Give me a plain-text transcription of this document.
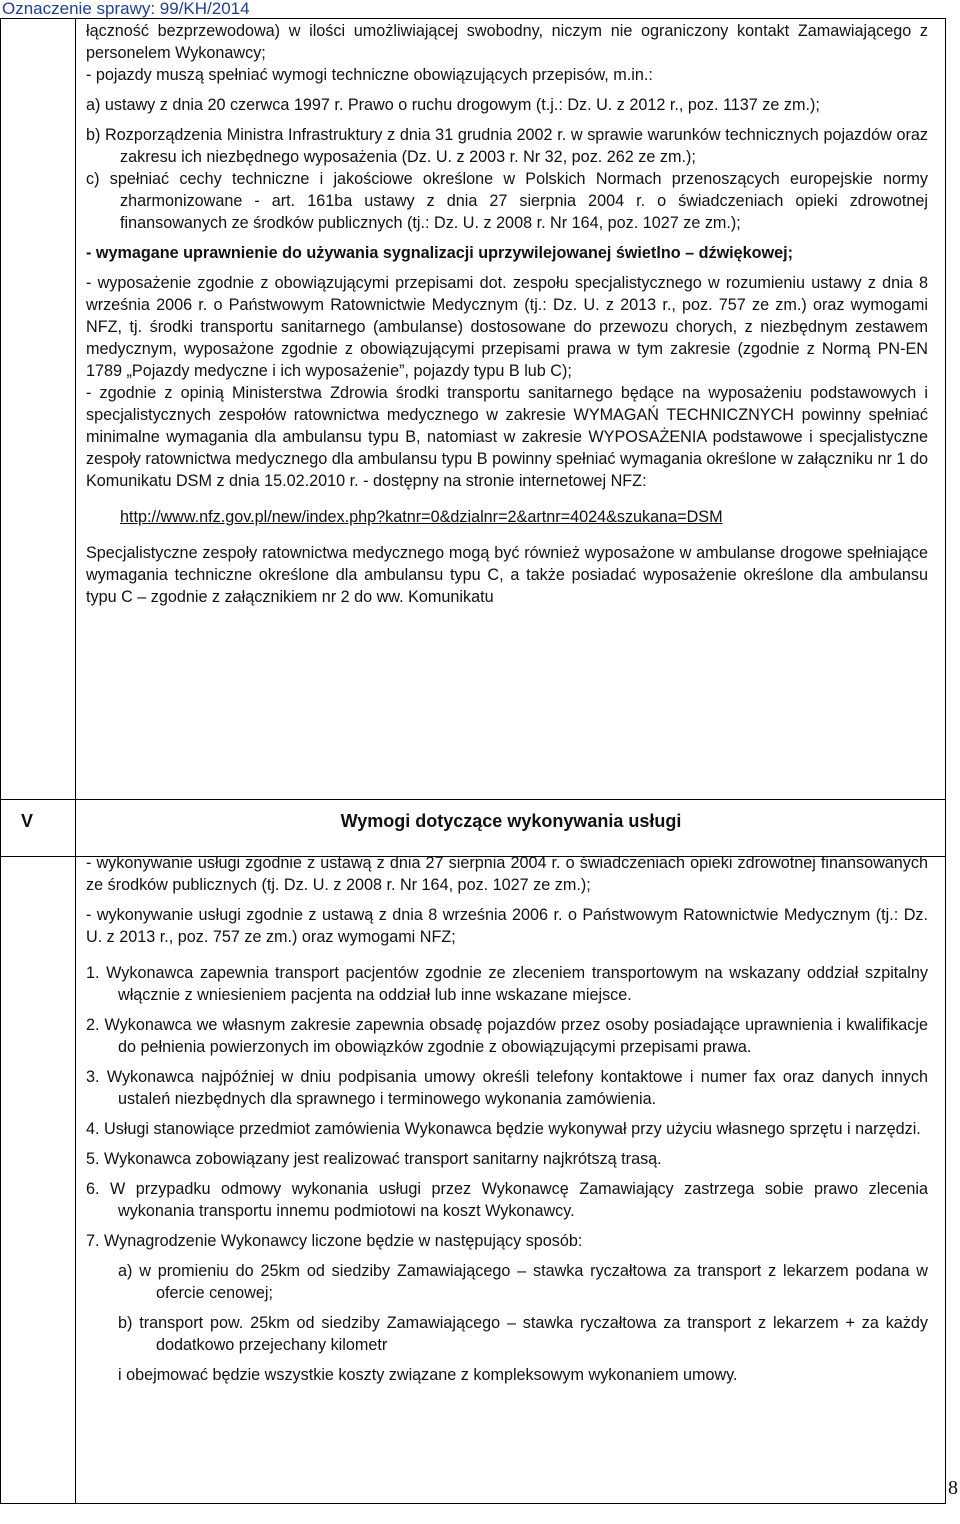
Oznaczenie sprawy: 99/KH/2014
V	Wymogi dotyczące wykonywania usługi

łączność bezprzewodowa) w ilości umożliwiającej swobodny, niczym nie ograniczony kontakt Zamawiającego z personelem Wykonawcy;

- pojazdy muszą spełniać wymogi techniczne obowiązujących przepisów, m.in.:

a) ustawy z dnia 20 czerwca 1997 r. Prawo o ruchu drogowym (t.j.: Dz. U. z 2012 r., poz. 1137 ze zm.);

b) Rozporządzenia Ministra Infrastruktury z dnia 31 grudnia 2002 r. w sprawie warunków technicznych pojazdów oraz zakresu ich niezbędnego wyposażenia (Dz. U. z 2003 r. Nr 32, poz. 262 ze zm.);

c) spełniać cechy techniczne i jakościowe określone w Polskich Normach przenoszących europejskie normy zharmonizowane - art. 161ba ustawy z dnia 27 sierpnia 2004 r. o świadczeniach opieki zdrowotnej finansowanych ze środków publicznych (tj.: Dz. U. z 2008 r. Nr 164, poz. 1027 ze zm.);

- wymagane uprawnienie do używania sygnalizacji uprzywilejowanej świetlno – dźwiękowej;

- wyposażenie zgodnie z obowiązującymi przepisami dot. zespołu specjalistycznego w rozumieniu ustawy z dnia 8 września 2006 r. o Państwowym Ratownictwie Medycznym (tj.: Dz. U. z 2013 r., poz. 757 ze zm.) oraz wymogami NFZ, tj. środki transportu sanitarnego (ambulanse) dostosowane do przewozu chorych, z niezbędnym zestawem medycznym, wyposażone zgodnie z obowiązującymi przepisami prawa w tym zakresie (zgodnie z Normą PN-EN 1789 „Pojazdy medyczne i ich wyposażenie”, pojazdy typu B lub C);

- zgodnie z opinią Ministerstwa Zdrowia środki transportu sanitarnego będące na wyposażeniu podstawowych i specjalistycznych zespołów ratownictwa medycznego w zakresie WYMAGAŃ TECHNICZNYCH powinny spełniać minimalne wymagania dla ambulansu typu B, natomiast w zakresie WYPOSAŻENIA podstawowe i specjalistyczne zespoły ratownictwa medycznego dla ambulansu typu B powinny spełniać wymagania określone w załączniku nr 1 do Komunikatu DSM z dnia 15.02.2010 r. - dostępny na stronie internetowej NFZ:

http://www.nfz.gov.pl/new/index.php?katnr=0&dzialnr=2&artnr=4024&szukana=DSM

Specjalistyczne zespoły ratownictwa medycznego mogą być również wyposażone w ambulanse drogowe spełniające wymagania techniczne określone dla ambulansu typu C, a także posiadać wyposażenie określone dla ambulansu typu C – zgodnie z załącznikiem nr 2 do ww. Komunikatu

- wykonywanie usługi zgodnie z ustawą z dnia 27 sierpnia 2004 r. o świadczeniach opieki zdrowotnej finansowanych ze środków publicznych (tj. Dz. U. z 2008 r. Nr 164, poz. 1027 ze zm.);

- wykonywanie usługi zgodnie z ustawą z dnia 8 września 2006 r. o Państwowym Ratownictwie Medycznym (tj.: Dz. U. z 2013 r., poz. 757 ze zm.) oraz wymogami NFZ;

1. Wykonawca zapewnia transport pacjentów zgodnie ze zleceniem transportowym na wskazany oddział szpitalny włącznie z wniesieniem pacjenta na oddział lub inne wskazane miejsce.

2. Wykonawca we własnym zakresie zapewnia obsadę pojazdów przez osoby posiadające uprawnienia i kwalifikacje do pełnienia powierzonych im obowiązków zgodnie z obowiązującymi przepisami prawa.

3. Wykonawca najpóźniej w dniu podpisania umowy określi telefony kontaktowe i numer fax oraz danych innych ustaleń niezbędnych dla sprawnego i terminowego wykonania zamówienia.

4. Usługi stanowiące przedmiot zamówienia Wykonawca będzie wykonywał przy użyciu własnego sprzętu i narzędzi.

5. Wykonawca zobowiązany jest realizować transport sanitarny najkrótszą trasą.

6. W przypadku odmowy wykonania usługi przez Wykonawcę Zamawiający zastrzega sobie prawo zlecenia wykonania transportu innemu podmiotowi na koszt Wykonawcy.

7. Wynagrodzenie Wykonawcy liczone będzie w następujący sposób:

a) w promieniu do 25km od siedziby Zamawiającego – stawka ryczałtowa za transport z lekarzem podana w ofercie cenowej;

b) transport pow. 25km od siedziby Zamawiającego – stawka ryczałtowa za transport z lekarzem + za każdy dodatkowo przejechany kilometr

i obejmować będzie wszystkie koszty związane z kompleksowym wykonaniem umowy.

8
